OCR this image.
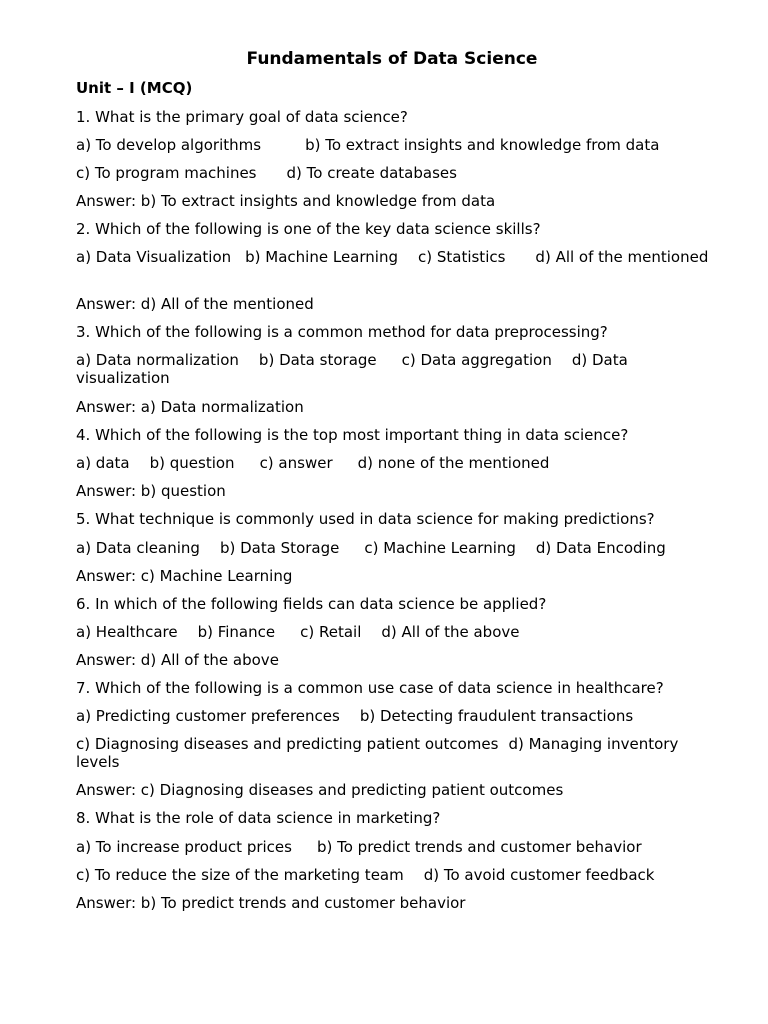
Fundamentals of Data Science
Unit – I (MCQ)
1. What is the primary goal of data science?
a) To develop algorithms	b) To extract insights and knowledge from data
c) To program machines d) To create databases
Answer: b) To extract insights and knowledge from data
2. Which of the following is one of the key data science skills?
a) Data Visualization b) Machine Learning c) Statistics d) All of the mentioned
Answer: d) All of the mentioned
3. Which of the following is a common method for data preprocessing?
a) Data normalization b) Data storage c) Data aggregation d) Data visualization
Answer: a) Data normalization
4. Which of the following is the top most important thing in data science?
a) data b) question c) answer d) none of the mentioned
Answer: b) question
5. What technique is commonly used in data science for making predictions?
a) Data cleaning b) Data Storage c) Machine Learning d) Data Encoding
Answer: c) Machine Learning
6. In which of the following fields can data science be applied?
a) Healthcare b) Finance c) Retail d) All of the above
Answer: d) All of the above
7. Which of the following is a common use case of data science in healthcare?
a) Predicting customer preferences b) Detecting fraudulent transactions
c) Diagnosing diseases and predicting patient outcomes d) Managing inventory levels
Answer: c) Diagnosing diseases and predicting patient outcomes
8. What is the role of data science in marketing?
a) To increase product prices b) To predict trends and customer behavior
c) To reduce the size of the marketing team d) To avoid customer feedback
Answer: b) To predict trends and customer behavior
